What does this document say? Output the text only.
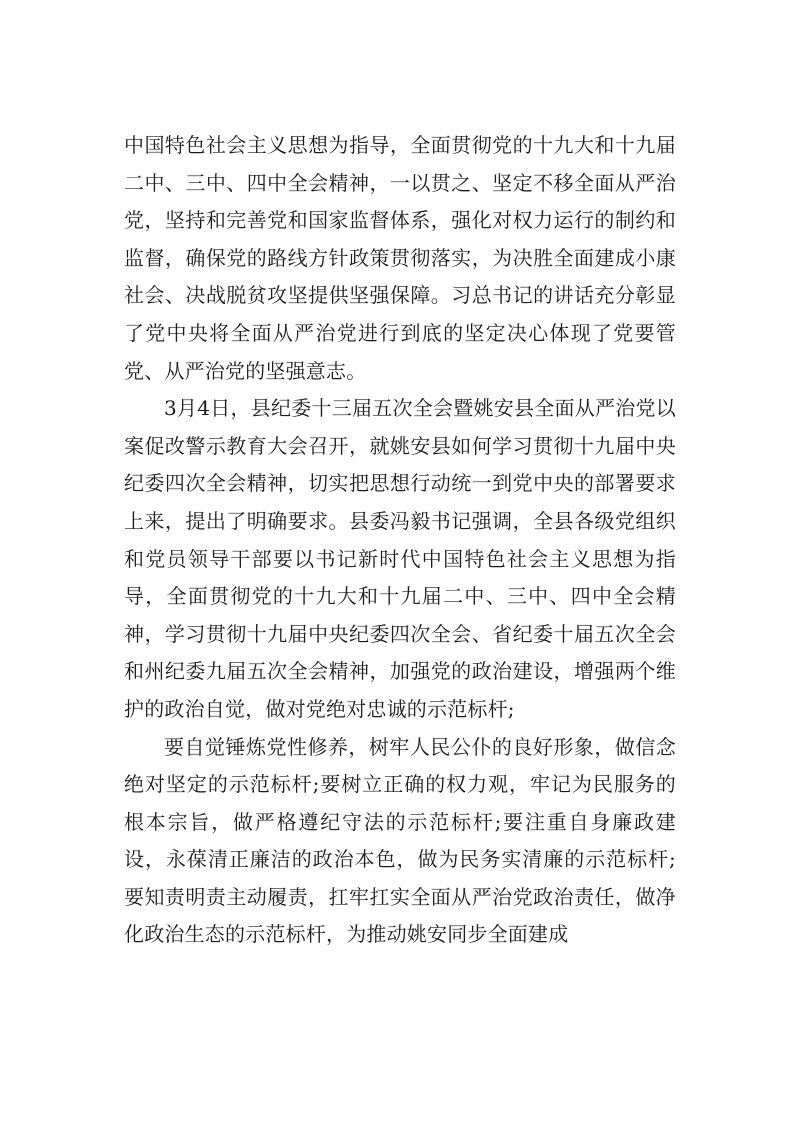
中国特色社会主义思想为指导，全面贯彻党的十九大和十九届二中、三中、四中全会精神，一以贯之、坚定不移全面从严治党，坚持和完善党和国家监督体系，强化对权力运行的制约和监督，确保党的路线方针政策贯彻落实，为决胜全面建成小康社会、决战脱贫攻坚提供坚强保障。习总书记的讲话充分彰显了党中央将全面从严治党进行到底的坚定决心体现了党要管党、从严治党的坚强意志。

3月4日，县纪委十三届五次全会暨姚安县全面从严治党以案促改警示教育大会召开，就姚安县如何学习贯彻十九届中央纪委四次全会精神，切实把思想行动统一到党中央的部署要求上来，提出了明确要求。县委冯毅书记强调，全县各级党组织和党员领导干部要以书记新时代中国特色社会主义思想为指导，全面贯彻党的十九大和十九届二中、三中、四中全会精神，学习贯彻十九届中央纪委四次全会、省纪委十届五次全会和州纪委九届五次全会精神，加强党的政治建设，增强两个维护的政治自觉，做对党绝对忠诚的示范标杆;

要自觉锤炼党性修养，树牢人民公仆的良好形象，做信念绝对坚定的示范标杆;要树立正确的权力观，牢记为民服务的根本宗旨，做严格遵纪守法的示范标杆;要注重自身廉政建设，永葆清正廉洁的政治本色，做为民务实清廉的示范标杆;要知责明责主动履责，扛牢扛实全面从严治党政治责任，做净化政治生态的示范标杆，为推动姚安同步全面建成
